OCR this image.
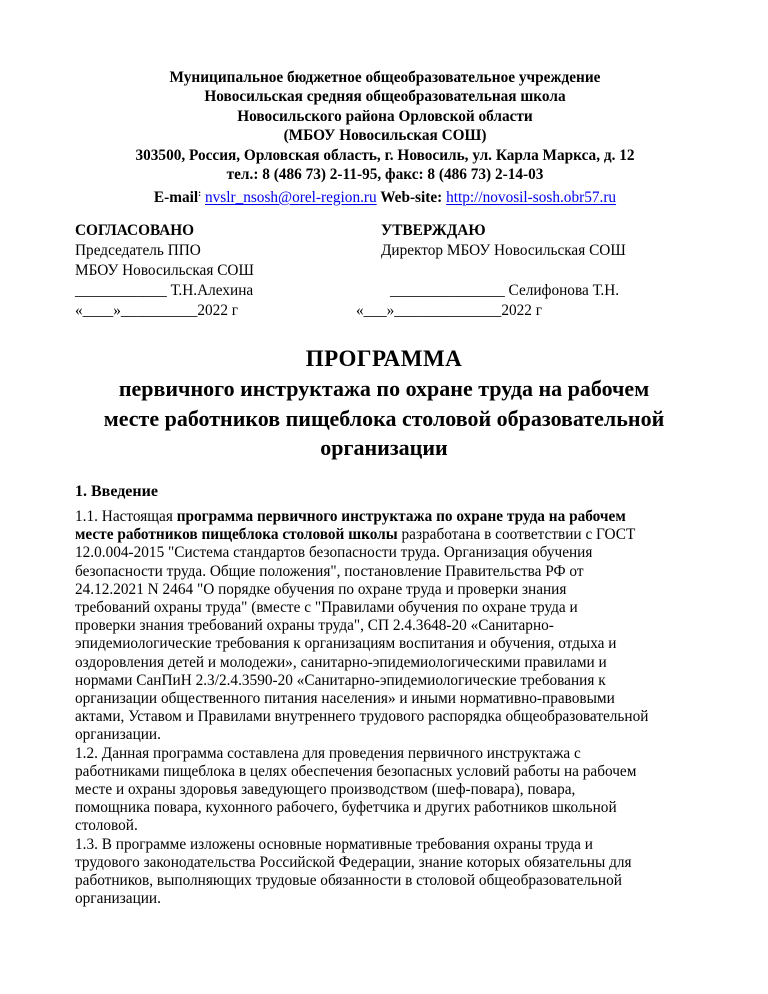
Муниципальное бюджетное общеобразовательное учреждение
Новосильская средняя общеобразовательная школа
Новосильского района Орловской области
(МБОУ Новосильская СОШ)
303500, Россия, Орловская область, г. Новосиль, ул. Карла Маркса, д. 12
тел.: 8 (486 73) 2-11-95, факс: 8 (486 73) 2-14-03
E-mail: nvslr_nsosh@orel-region.ru Web-site: http://novosil-sosh.obr57.ru
СОГЛАСОВАНО
Председатель ППО
МБОУ Новосильская СОШ
____________ Т.Н.Алехина
«____»__________2022 г
УТВЕРЖДАЮ
Директор МБОУ Новосильская СОШ

_______________ Селифонова Т.Н.
«___»______________2022 г
ПРОГРАММА
первичного инструктажа по охране труда на рабочем
месте работников пищеблока столовой образовательной
организации
1. Введение
1.1. Настоящая программа первичного инструктажа по охране труда на рабочем
месте работников пищеблока столовой школы разработана в соответствии с ГОСТ
12.0.004-2015 "Система стандартов безопасности труда. Организация обучения
безопасности труда. Общие положения", постановление Правительства РФ от
24.12.2021 N 2464 "О порядке обучения по охране труда и проверки знания
требований охраны труда" (вместе с "Правилами обучения по охране труда и
проверки знания требований охраны труда", СП 2.4.3648-20 «Санитарно-
эпидемиологические требования к организациям воспитания и обучения, отдыха и
оздоровления детей и молодежи», санитарно-эпидемиологическими правилами и
нормами СанПиН 2.3/2.4.3590-20 «Санитарно-эпидемиологические требования к
организации общественного питания населения» и иными нормативно-правовыми
актами, Уставом и Правилами внутреннего трудового распорядка общеобразовательной
организации.
1.2. Данная программа составлена для проведения первичного инструктажа с
работниками пищеблока в целях обеспечения безопасных условий работы на рабочем
месте и охраны здоровья заведующего производством (шеф-повара), повара,
помощника повара, кухонного рабочего, буфетчика и других работников школьной
столовой.
1.3. В программе изложены основные нормативные требования охраны труда и
трудового законодательства Российской Федерации, знание которых обязательны для
работников, выполняющих трудовые обязанности в столовой общеобразовательной
организации.
